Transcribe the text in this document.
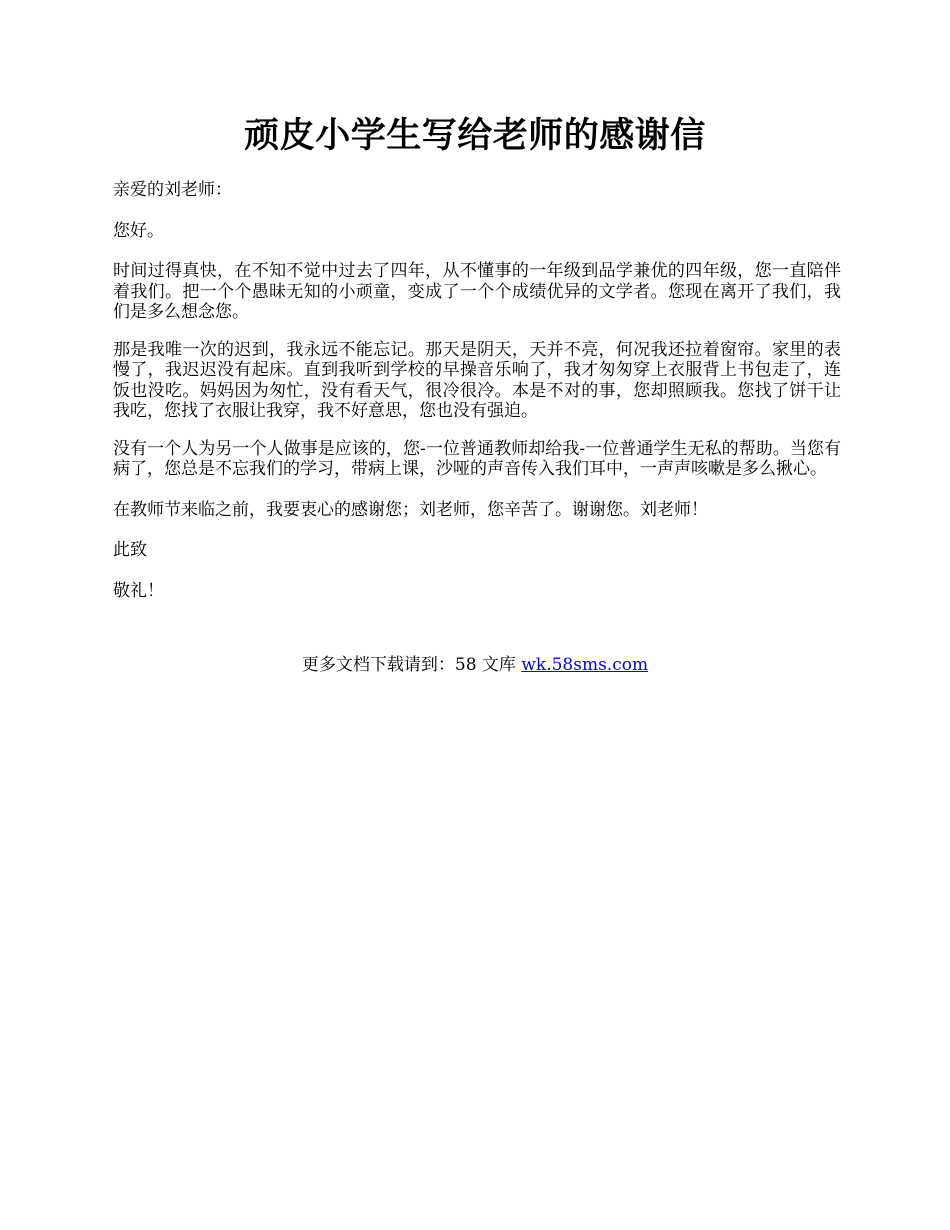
顽皮小学生写给老师的感谢信

亲爱的刘老师：

您好。

时间过得真快，在不知不觉中过去了四年，从不懂事的一年级到品学兼优的四年级，您一直陪伴着我们。把一个个愚昧无知的小顽童，变成了一个个成绩优异的文学者。您现在离开了我们，我们是多么想念您。

那是我唯一次的迟到，我永远不能忘记。那天是阴天，天并不亮，何况我还拉着窗帘。家里的表慢了，我迟迟没有起床。直到我听到学校的早操音乐响了，我才匆匆穿上衣服背上书包走了，连饭也没吃。妈妈因为匆忙，没有看天气，很冷很冷。本是不对的事，您却照顾我。您找了饼干让我吃，您找了衣服让我穿，我不好意思，您也没有强迫。

没有一个人为另一个人做事是应该的，您-一位普通教师却给我-一位普通学生无私的帮助。当您有病了，您总是不忘我们的学习，带病上课，沙哑的声音传入我们耳中，一声声咳嗽是多么揪心。

在教师节来临之前，我要衷心的感谢您；刘老师，您辛苦了。谢谢您。刘老师！

此致

敬礼！

更多文档下载请到：58 文库 wk.58sms.com
